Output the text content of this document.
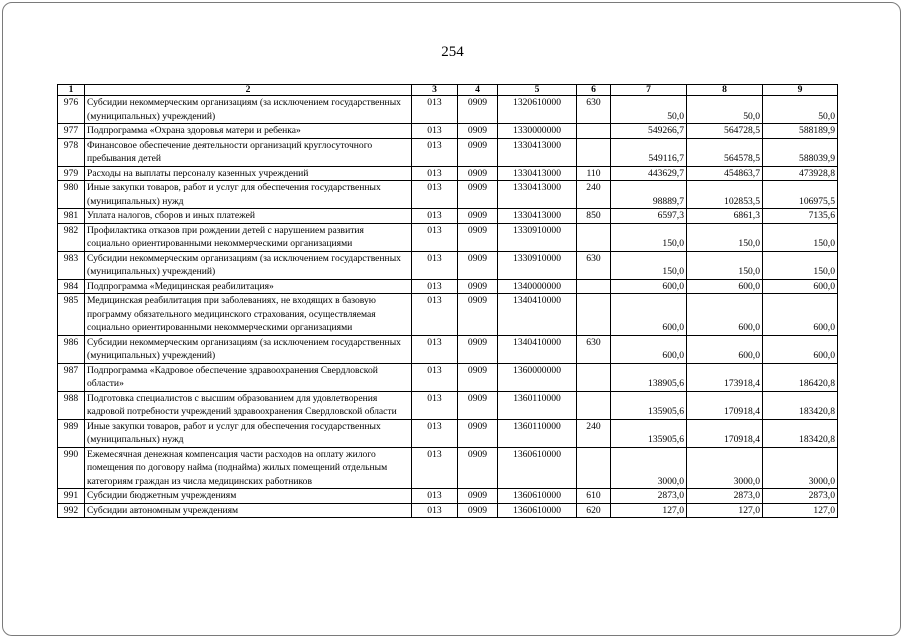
254
1	2	3	4	5	6	7	8	9
976	Субсидии некоммерческим организациям (за исключением государственных (муниципальных) учреждений)	013	0909	1320610000	630	50,0	50,0	50,0
977	Подпрограмма «Охрана здоровья матери и ребенка»	013	0909	1330000000		549266,7	564728,5	588189,9
978	Финансовое обеспечение деятельности организаций круглосуточного пребывания детей	013	0909	1330413000		549116,7	564578,5	588039,9
979	Расходы на выплаты персоналу казенных учреждений	013	0909	1330413000	110	443629,7	454863,7	473928,8
980	Иные закупки товаров, работ и услуг для обеспечения государственных (муниципальных) нужд	013	0909	1330413000	240	98889,7	102853,5	106975,5
981	Уплата налогов, сборов и иных платежей	013	0909	1330413000	850	6597,3	6861,3	7135,6
982	Профилактика отказов при рождении детей с нарушением развития социально ориентированными некоммерческими организациями	013	0909	1330910000		150,0	150,0	150,0
983	Субсидии некоммерческим организациям (за исключением государственных (муниципальных) учреждений)	013	0909	1330910000	630	150,0	150,0	150,0
984	Подпрограмма «Медицинская реабилитация»	013	0909	1340000000		600,0	600,0	600,0
985	Медицинская реабилитация при заболеваниях, не входящих в базовую программу обязательного медицинского страхования, осуществляемая социально ориентированными некоммерческими организациями	013	0909	1340410000		600,0	600,0	600,0
986	Субсидии некоммерческим организациям (за исключением государственных (муниципальных) учреждений)	013	0909	1340410000	630	600,0	600,0	600,0
987	Подпрограмма «Кадровое обеспечение здравоохранения Свердловской области»	013	0909	1360000000		138905,6	173918,4	186420,8
988	Подготовка специалистов с высшим образованием для удовлетворения кадровой потребности учреждений здравоохранения Свердловской области	013	0909	1360110000		135905,6	170918,4	183420,8
989	Иные закупки товаров, работ и услуг для обеспечения государственных (муниципальных) нужд	013	0909	1360110000	240	135905,6	170918,4	183420,8
990	Ежемесячная денежная компенсация части расходов на оплату жилого помещения по договору найма (поднайма) жилых помещений отдельным категориям граждан из числа медицинских работников	013	0909	1360610000		3000,0	3000,0	3000,0
991	Субсидии бюджетным учреждениям	013	0909	1360610000	610	2873,0	2873,0	2873,0
992	Субсидии автономным учреждениям	013	0909	1360610000	620	127,0	127,0	127,0
